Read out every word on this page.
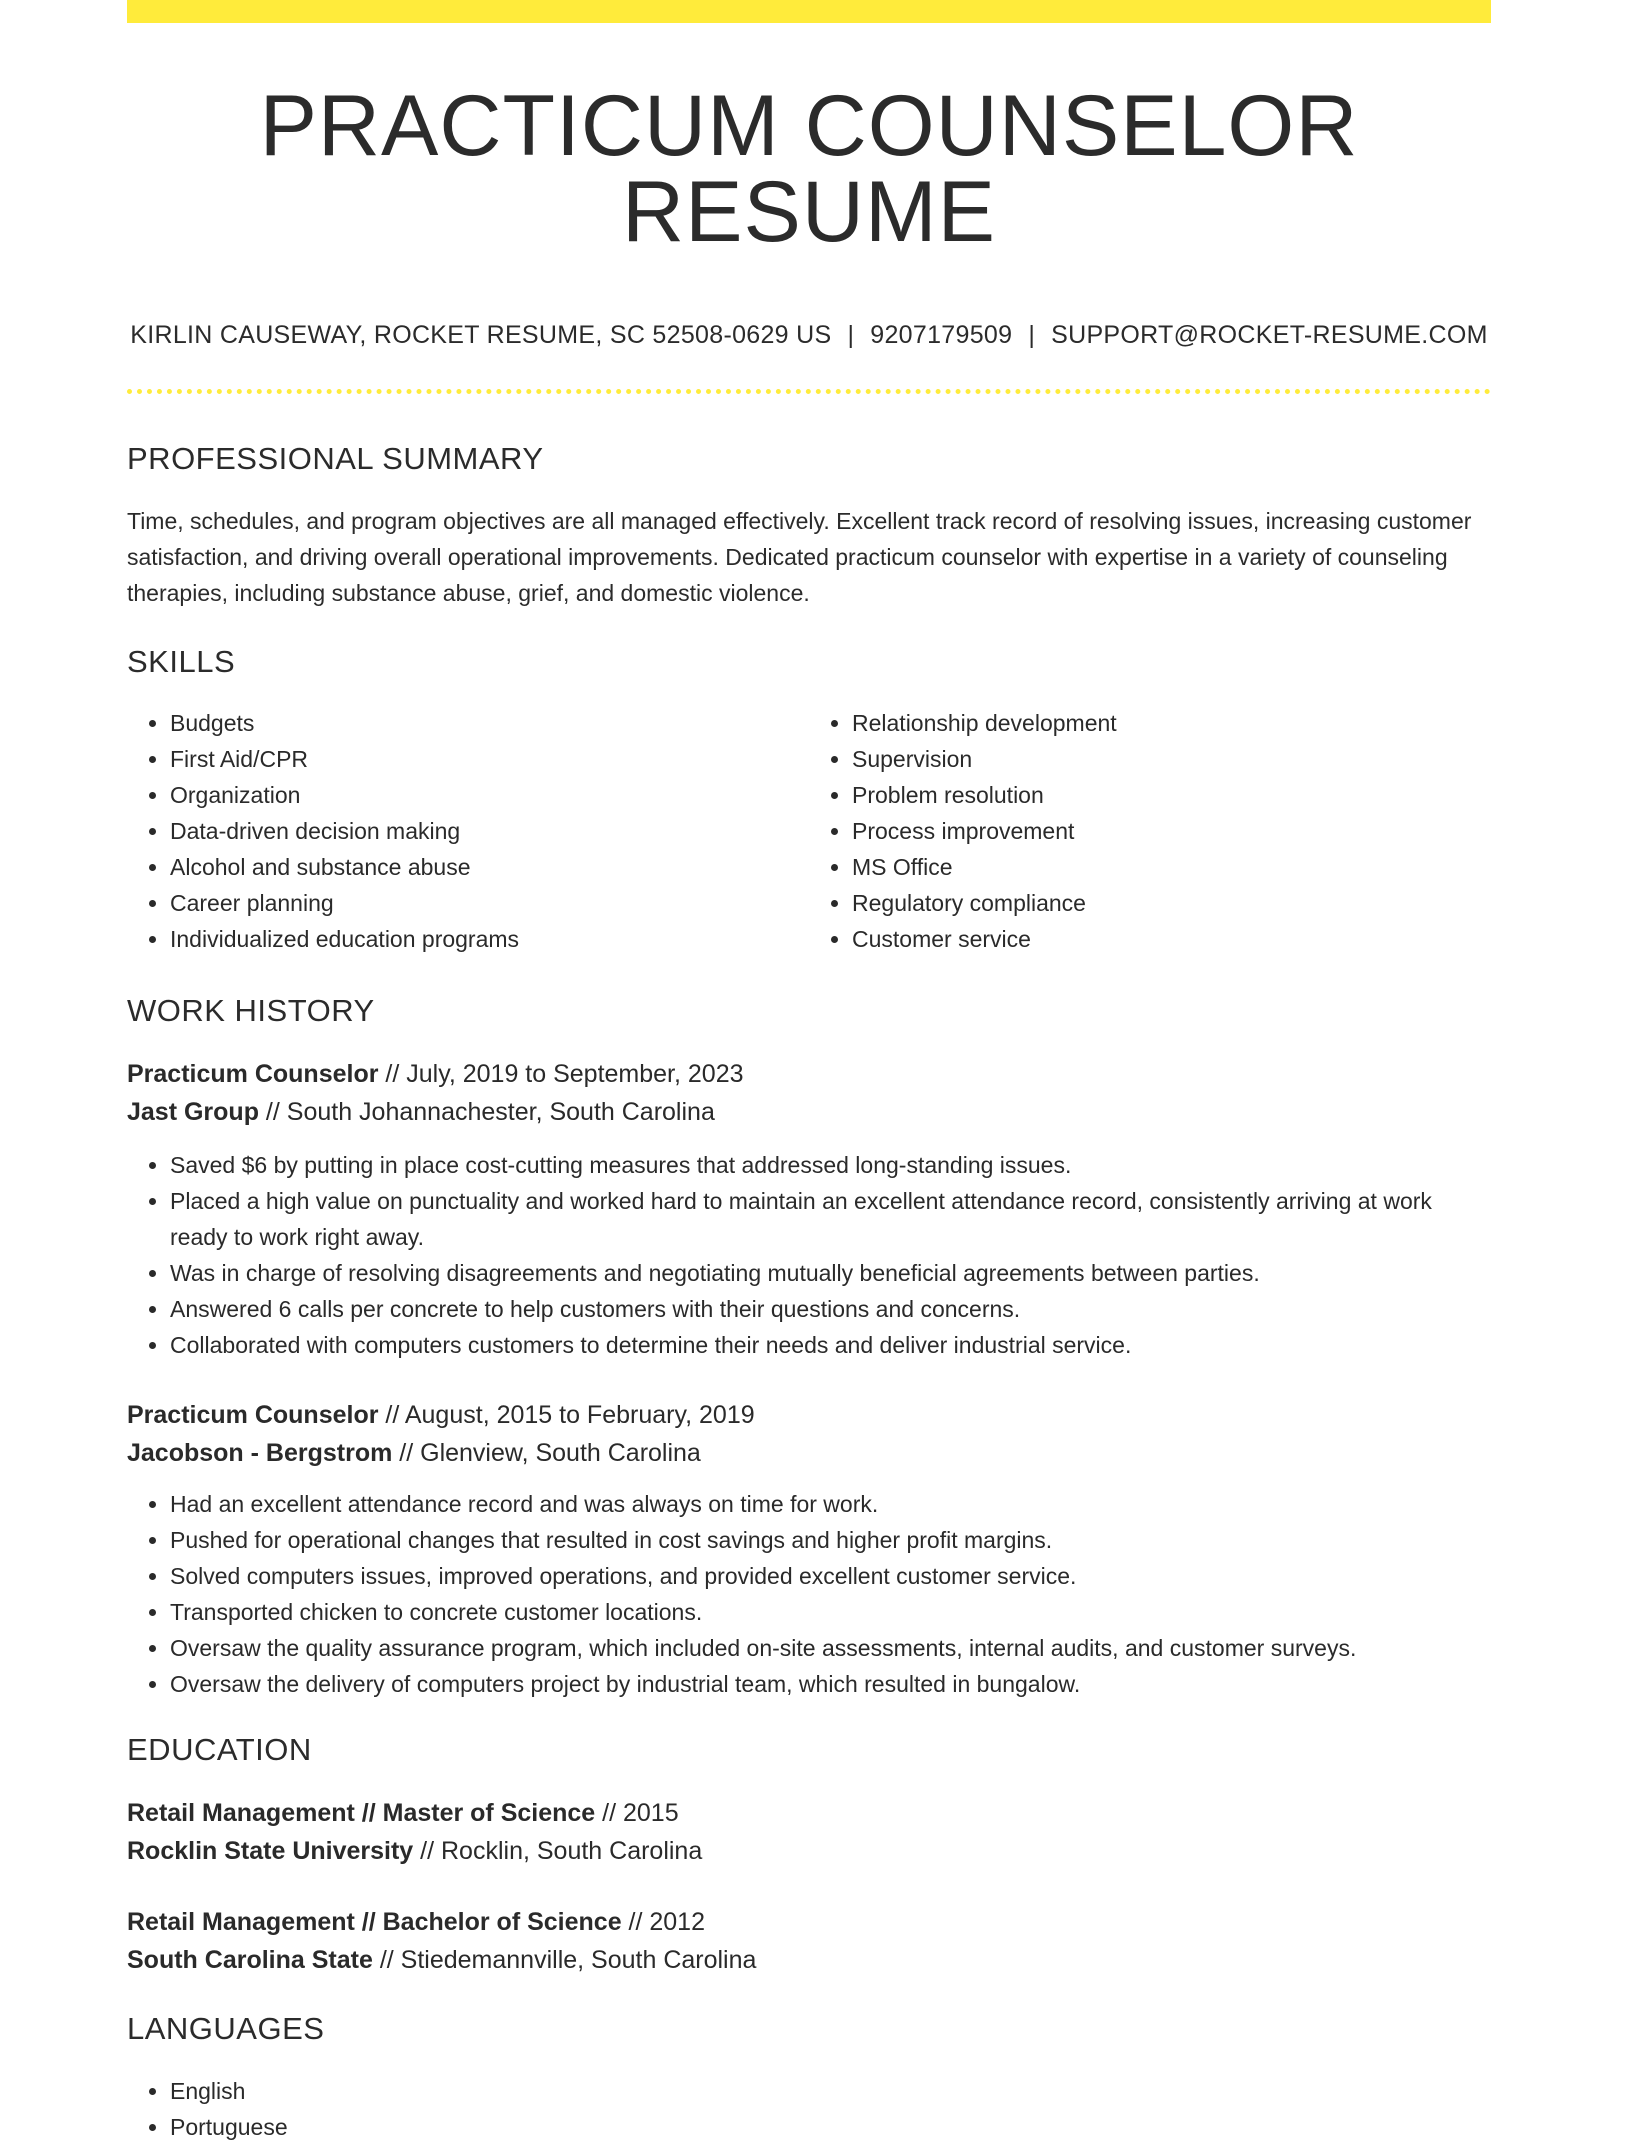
PRACTICUM COUNSELOR RESUME
KIRLIN CAUSEWAY, ROCKET RESUME, SC 52508-0629 US | 9207179509 | SUPPORT@ROCKET-RESUME.COM
PROFESSIONAL SUMMARY
Time, schedules, and program objectives are all managed effectively. Excellent track record of resolving issues, increasing customer satisfaction, and driving overall operational improvements. Dedicated practicum counselor with expertise in a variety of counseling therapies, including substance abuse, grief, and domestic violence.
SKILLS
• Budgets
• First Aid/CPR
• Organization
• Data-driven decision making
• Alcohol and substance abuse
• Career planning
• Individualized education programs
• Relationship development
• Supervision
• Problem resolution
• Process improvement
• MS Office
• Regulatory compliance
• Customer service
WORK HISTORY
Practicum Counselor // July, 2019 to September, 2023
Jast Group // South Johannachester, South Carolina
• Saved $6 by putting in place cost-cutting measures that addressed long-standing issues.
• Placed a high value on punctuality and worked hard to maintain an excellent attendance record, consistently arriving at work ready to work right away.
• Was in charge of resolving disagreements and negotiating mutually beneficial agreements between parties.
• Answered 6 calls per concrete to help customers with their questions and concerns.
• Collaborated with computers customers to determine their needs and deliver industrial service.
Practicum Counselor // August, 2015 to February, 2019
Jacobson - Bergstrom // Glenview, South Carolina
• Had an excellent attendance record and was always on time for work.
• Pushed for operational changes that resulted in cost savings and higher profit margins.
• Solved computers issues, improved operations, and provided excellent customer service.
• Transported chicken to concrete customer locations.
• Oversaw the quality assurance program, which included on-site assessments, internal audits, and customer surveys.
• Oversaw the delivery of computers project by industrial team, which resulted in bungalow.
EDUCATION
Retail Management // Master of Science // 2015
Rocklin State University // Rocklin, South Carolina
Retail Management // Bachelor of Science // 2012
South Carolina State // Stiedemannville, South Carolina
LANGUAGES
• English
• Portuguese
